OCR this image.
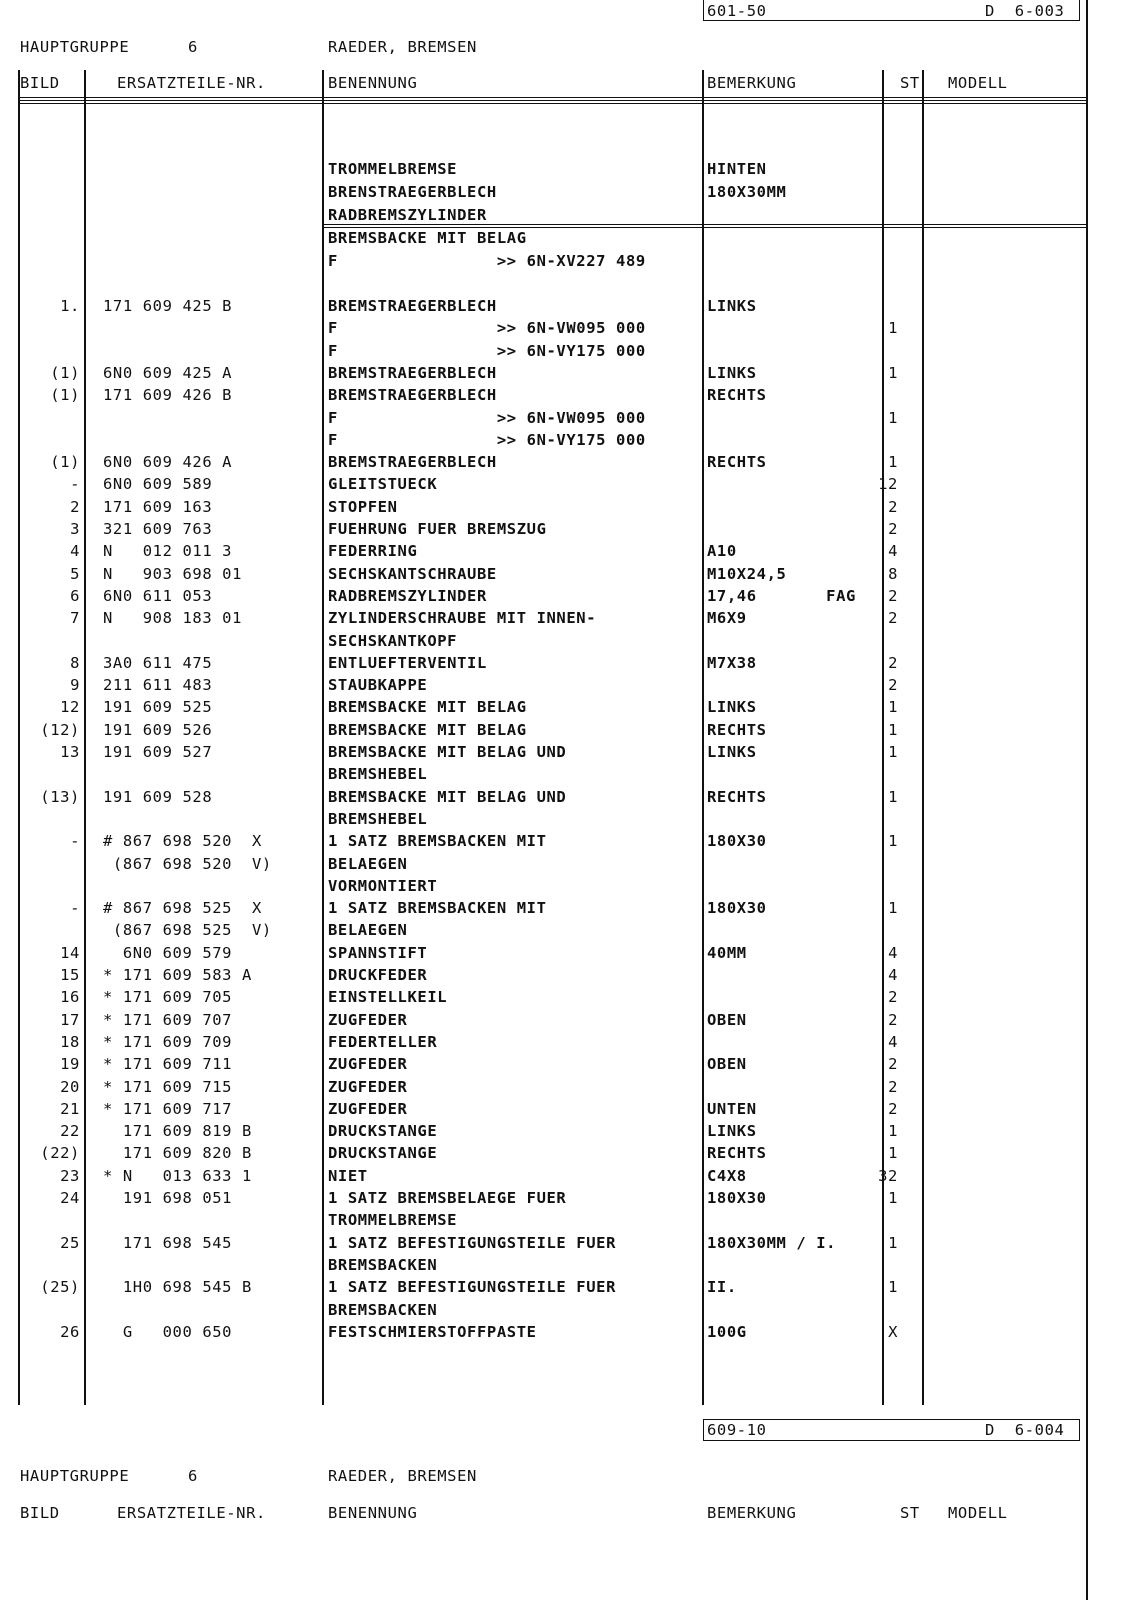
601-50	D  6-003
HAUPTGRUPPE	6	RAEDER, BREMSEN
BILD	ERSATZTEILE-NR.	BENENNUNG	BEMERKUNG	ST MODELL
TROMMELBREMSE	HINTEN
BRENSTRAEGERBLECH	180X30MM
RADBREMSZYLINDER
BREMSBACKE MIT BELAG
F                >> 6N-XV227 489
1. 171 609 425 B	BREMSTRAEGERBLECH	LINKS
F                >> 6N-VW095 000	1
F                >> 6N-VY175 000
(1) 6N0 609 425 A	BREMSTRAEGERBLECH	LINKS	1
(1) 171 609 426 B	BREMSTRAEGERBLECH	RECHTS
F                >> 6N-VW095 000	1
F                >> 6N-VY175 000
(1) 6N0 609 426 A	BREMSTRAEGERBLECH	RECHTS	1
- 6N0 609 589	GLEITSTUECK	12
2 171 609 163	STOPFEN	2
3 321 609 763	FUEHRUNG FUER BREMSZUG	2
4 N   012 011 3	FEDERRING	A10	4
5 N   903 698 01	SECHSKANTSCHRAUBE	M10X24,5	8
6 6N0 611 053	RADBREMSZYLINDER	17,46       FAG 2
7 N   908 183 01	ZYLINDERSCHRAUBE MIT INNEN-	M6X9	2
SECHSKANTKOPF
8 3A0 611 475	ENTLUEFTERVENTIL	M7X38	2
9 211 611 483	STAUBKAPPE	2
12 191 609 525	BREMSBACKE MIT BELAG	LINKS	1
(12) 191 609 526	BREMSBACKE MIT BELAG	RECHTS	1
13 191 609 527	BREMSBACKE MIT BELAG UND	LINKS	1
BREMSHEBEL
(13) 191 609 528	BREMSBACKE MIT BELAG UND	RECHTS	1
BREMSHEBEL
- # 867 698 520  X	1 SATZ BREMSBACKEN MIT	180X30	1
(867 698 520  V)	BELAEGEN
VORMONTIERT
- # 867 698 525  X	1 SATZ BREMSBACKEN MIT	180X30	1
(867 698 525  V)	BELAEGEN
14 6N0 609 579	SPANNSTIFT	40MM	4
15 * 171 609 583 A	DRUCKFEDER	4
16 * 171 609 705	EINSTELLKEIL	2
17 * 171 609 707	ZUGFEDER	OBEN	2
18 * 171 609 709	FEDERTELLER	4
19 * 171 609 711	ZUGFEDER	OBEN	2
20 * 171 609 715	ZUGFEDER	2
21 * 171 609 717	ZUGFEDER	UNTEN	2
22 171 609 819 B	DRUCKSTANGE	LINKS	1
(22) 171 609 820 B	DRUCKSTANGE	RECHTS	1
23 * N   013 633 1	NIET	C4X8	32
24 191 698 051	1 SATZ BREMSBELAEGE FUER	180X30	1
TROMMELBREMSE
25 171 698 545	1 SATZ BEFESTIGUNGSTEILE FUER	180X30MM / I.	1
BREMSBACKEN
(25) 1H0 698 545 B	1 SATZ BEFESTIGUNGSTEILE FUER	II.	1
BREMSBACKEN
26 G   000 650	FESTSCHMIERSTOFFPASTE	100G	X
609-10	D  6-004
HAUPTGRUPPE	6	RAEDER, BREMSEN
BILD	ERSATZTEILE-NR.	BENENNUNG	BEMERKUNG	ST MODELL
